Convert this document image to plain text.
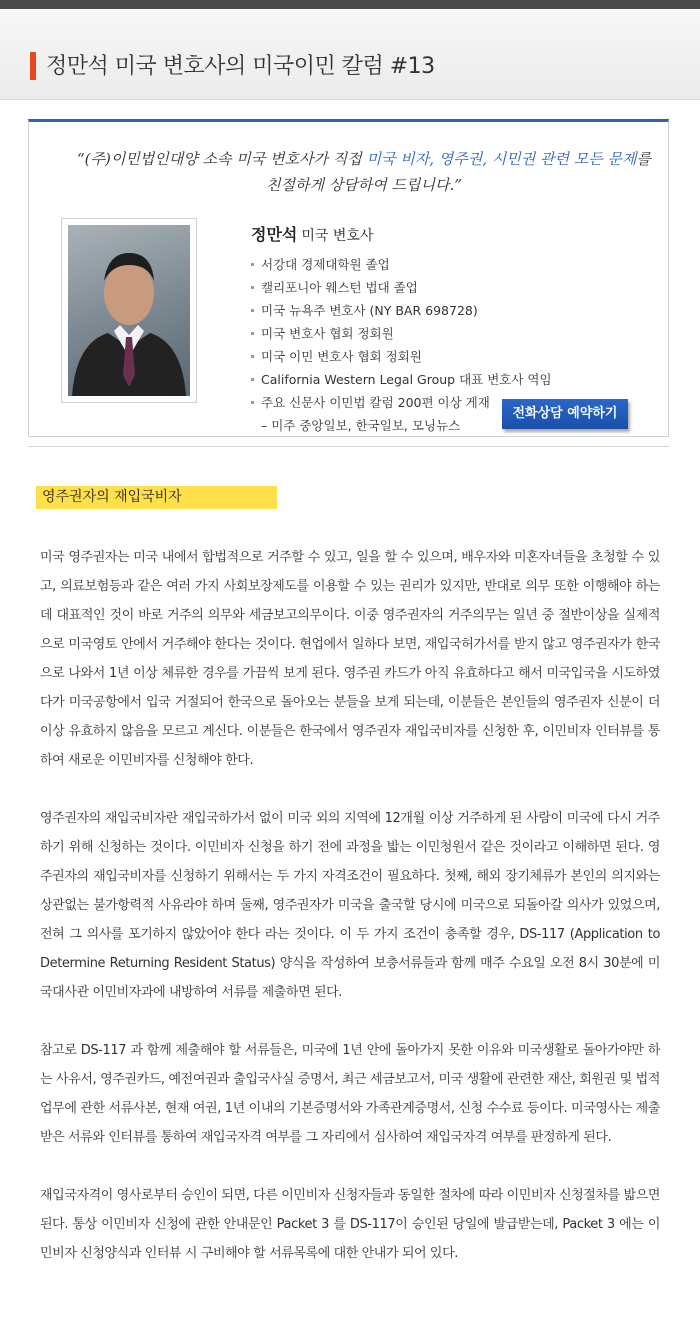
정만석 미국 변호사의 미국이민 칼럼 #13
“(주)이민법인대양 소속 미국 변호사가 직접 미국 비자, 영주권, 시민권 관련 모든 문제를 친절하게 상담하여 드립니다.”
정만석 미국 변호사
서강대 경제대학원 졸업
캘리포니아 웨스턴 법대 졸업
미국 뉴욕주 변호사 (NY BAR 698728)
미국 변호사 협회 정회원
미국 이민 변호사 협회 정회원
California Western Legal Group 대표 변호사 역임
주요 신문사 이민법 칼럼 200편 이상 게재
– 미주 중앙일보, 한국일보, 모닝뉴스
전화상담 예약하기
영주권자의 재입국비자

미국 영주권자는 미국 내에서 합법적으로 거주할 수 있고, 일을 할 수 있으며, 배우자와 미혼자녀들을 초청할 수 있고, 의료보험등과 같은 여러 가지 사회보장제도를 이용할 수 있는 권리가 있지만, 반대로 의무 또한 이행해야 하는데 대표적인 것이 바로 거주의 의무와 세금보고의무이다. 이중 영주권자의 거주의무는 일년 중 절반이상을 실제적으로 미국영토 안에서 거주해야 한다는 것이다. 현업에서 일하다 보면, 재입국허가서를 받지 않고 영주권자가 한국으로 나와서 1년 이상 체류한 경우를 가끔씩 보게 된다. 영주권 카드가 아직 유효하다고 해서 미국입국을 시도하였다가 미국공항에서 입국 거절되어 한국으로 돌아오는 분들을 보게 되는데, 이분들은 본인들의 영주권자 신분이 더 이상 유효하지 않음을 모르고 계신다. 이분들은 한국에서 영주권자 재입국비자를 신청한 후, 이민비자 인터뷰를 통하여 새로운 이민비자를 신청해야 한다.

영주권자의 재입국비자란 재입국하가서 없이 미국 외의 지역에 12개월 이상 거주하게 된 사람이 미국에 다시 거주하기 위해 신청하는 것이다. 이민비자 신청을 하기 전에 과정을 밟는 이민청원서 같은 것이라고 이해하면 된다. 영주권자의 재입국비자를 신청하기 위해서는 두 가지 자격조건이 필요하다. 첫째, 해외 장기체류가 본인의 의지와는 상관없는 불가항력적 사유라야 하며 둘째, 영주권자가 미국을 출국할 당시에 미국으로 되돌아갈 의사가 있었으며, 전혀 그 의사를 포기하지 않았어야 한다 라는 것이다. 이 두 가지 조건이 충족할 경우, DS-117 (Application to Determine Returning Resident Status) 양식을 작성하여 보충서류들과 함께 매주 수요일 오전 8시 30분에 미국대사관 이민비자과에 내방하여 서류를 제출하면 된다.

참고로 DS-117 과 함께 제출해야 할 서류들은, 미국에 1년 안에 돌아가지 못한 이유와 미국생활로 돌아가야만 하는 사유서, 영주권카드, 예전여권과 출입국사실 증명서, 최근 세금보고서, 미국 생활에 관련한 재산, 회원권 및 법적 업무에 관한 서류사본, 현재 여권, 1년 이내의 기본증명서와 가족관계증명서, 신청 수수료 등이다. 미국영사는 제출 받은 서류와 인터뷰를 통하여 재입국자격 여부를 그 자리에서 심사하여 재입국자격 여부를 판정하게 된다.

재입국자격이 영사로부터 승인이 되면, 다른 이민비자 신청자들과 동일한 절차에 따라 이민비자 신청절차를 밟으면 된다. 통상 이민비자 신청에 관한 안내문인 Packet 3 를 DS-117이 승인된 당일에 발급받는데, Packet 3 에는 이민비자 신청양식과 인터뷰 시 구비해야 할 서류목록에 대한 안내가 되어 있다.
